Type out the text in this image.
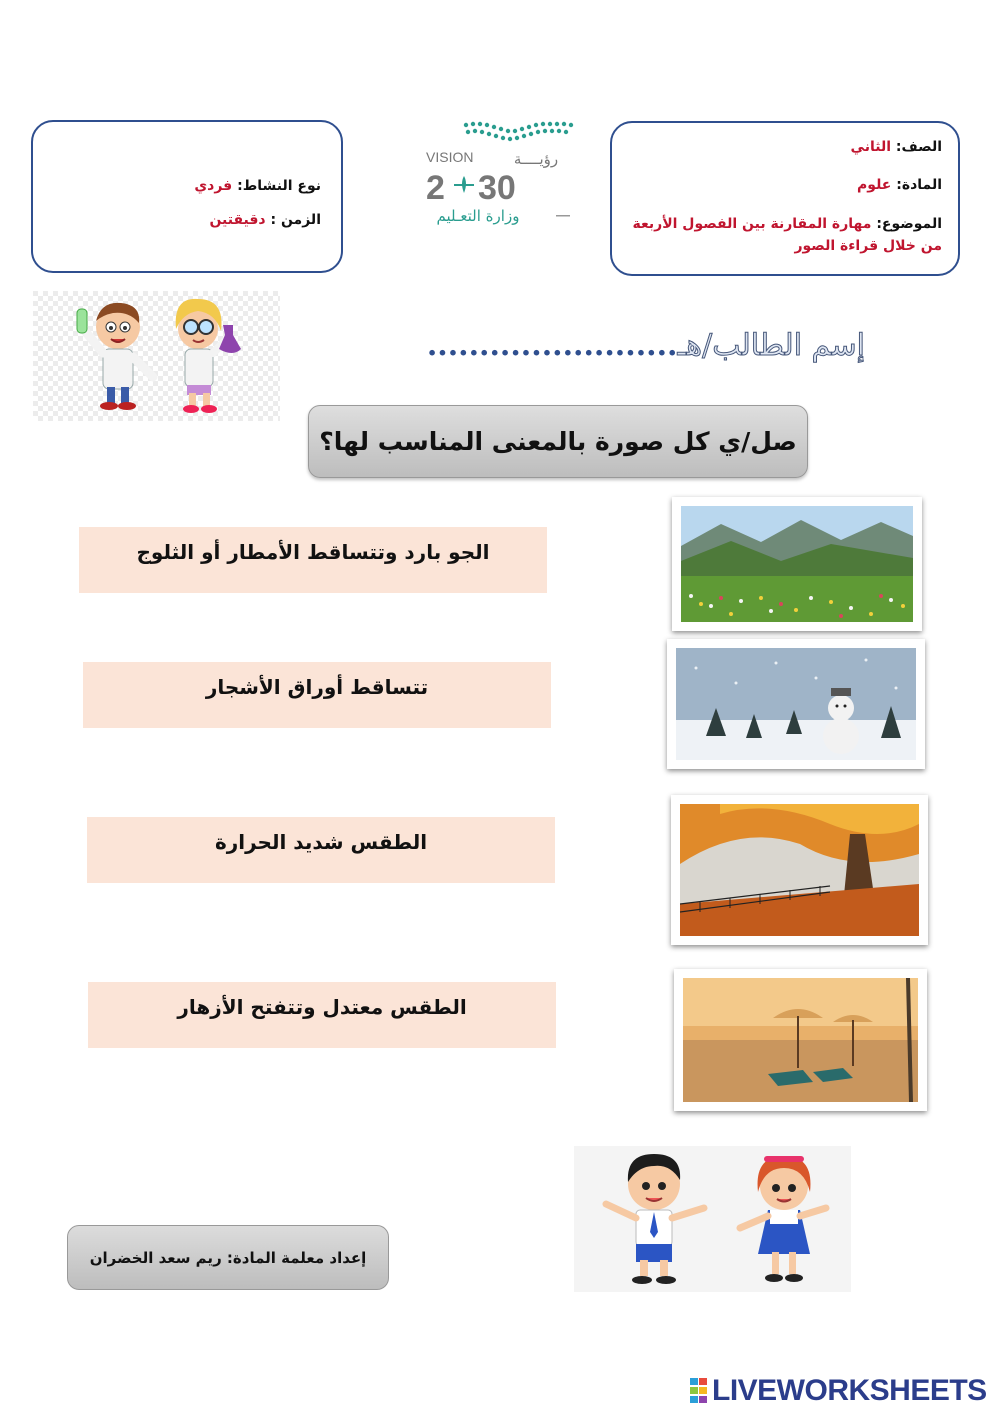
الصف: الثاني
المادة: علوم
الموضوع: مهارة المقارنة بين الفصول الأربعة
من خلال قراءة الصور
VISION	رؤيــــة
2 30
وزارة التعـليم
نوع النشاط: فردي
الزمن : دقيقتين
إسم الطالب/هـ........................
صل/ي كل صورة بالمعنى المناسب لها؟
الجو بارد وتتساقط الأمطار أو الثلوج
تتساقط أوراق الأشجار
الطقس شديد الحرارة
الطقس معتدل وتتفتح الأزهار
إعداد معلمة المادة: ريم سعد الخضران
LIVEWORKSHEETS
